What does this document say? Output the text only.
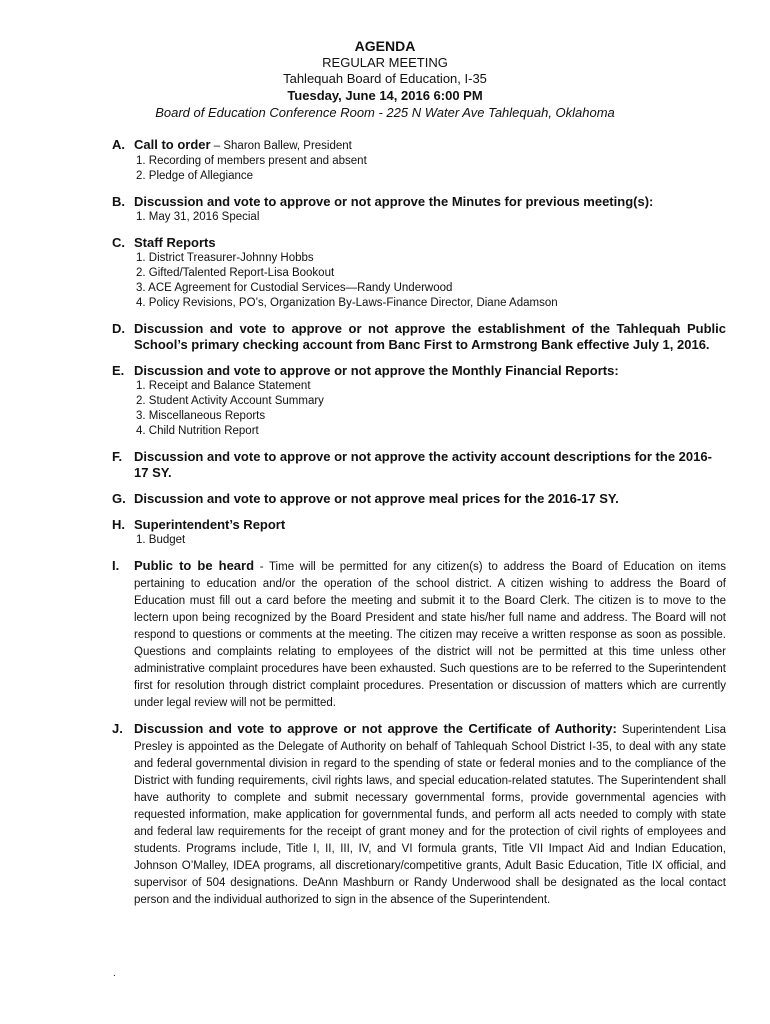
AGENDA
REGULAR MEETING
Tahlequah Board of Education, I-35
Tuesday, June 14, 2016 6:00 PM
Board of Education Conference Room - 225 N Water Ave Tahlequah, Oklahoma
A. Call to order – Sharon Ballew, President
1. Recording of members present and absent
2. Pledge of Allegiance
B. Discussion and vote to approve or not approve the Minutes for previous meeting(s):
1. May 31, 2016 Special
C. Staff Reports
1. District Treasurer-Johnny Hobbs
2. Gifted/Talented Report-Lisa Bookout
3. ACE Agreement for Custodial Services—Randy Underwood
4. Policy Revisions, PO’s, Organization By-Laws-Finance Director, Diane Adamson
D. Discussion and vote to approve or not approve the establishment of the Tahlequah Public School’s primary checking account from Banc First to Armstrong Bank effective July 1, 2016.
E. Discussion and vote to approve or not approve the Monthly Financial Reports:
1. Receipt and Balance Statement
2. Student Activity Account Summary
3. Miscellaneous Reports
4. Child Nutrition Report
F. Discussion and vote to approve or not approve the activity account descriptions for the 2016-17 SY.
G. Discussion and vote to approve or not approve meal prices for the 2016-17 SY.
H. Superintendent’s Report
1. Budget
I.	Public to be heard - Time will be permitted for any citizen(s) to address the Board of Education on items pertaining to education and/or the operation of the school district. A citizen wishing to address the Board of Education must fill out a card before the meeting and submit it to the Board Clerk. The citizen is to move to the lectern upon being recognized by the Board President and state his/her full name and address. The Board will not respond to questions or comments at the meeting. The citizen may receive a written response as soon as possible. Questions and complaints relating to employees of the district will not be permitted at this time unless other administrative complaint procedures have been exhausted. Such questions are to be referred to the Superintendent first for resolution through district complaint procedures. Presentation or discussion of matters which are currently under legal review will not be permitted.
J. Discussion and vote to approve or not approve the Certificate of Authority: Superintendent Lisa Presley is appointed as the Delegate of Authority on behalf of Tahlequah School District I-35, to deal with any state and federal governmental division in regard to the spending of state or federal monies and to the compliance of the District with funding requirements, civil rights laws, and special education-related statutes. The Superintendent shall have authority to complete and submit necessary governmental forms, provide governmental agencies with requested information, make application for governmental funds, and perform all acts needed to comply with state and federal law requirements for the receipt of grant money and for the protection of civil rights of employees and students. Programs include, Title I, II, III, IV, and VI formula grants, Title VII Impact Aid and Indian Education, Johnson O’Malley, IDEA programs, all discretionary/competitive grants, Adult Basic Education, Title IX official, and supervisor of 504 designations. DeAnn Mashburn or Randy Underwood shall be designated as the local contact person and the individual authorized to sign in the absence of the Superintendent.
.
